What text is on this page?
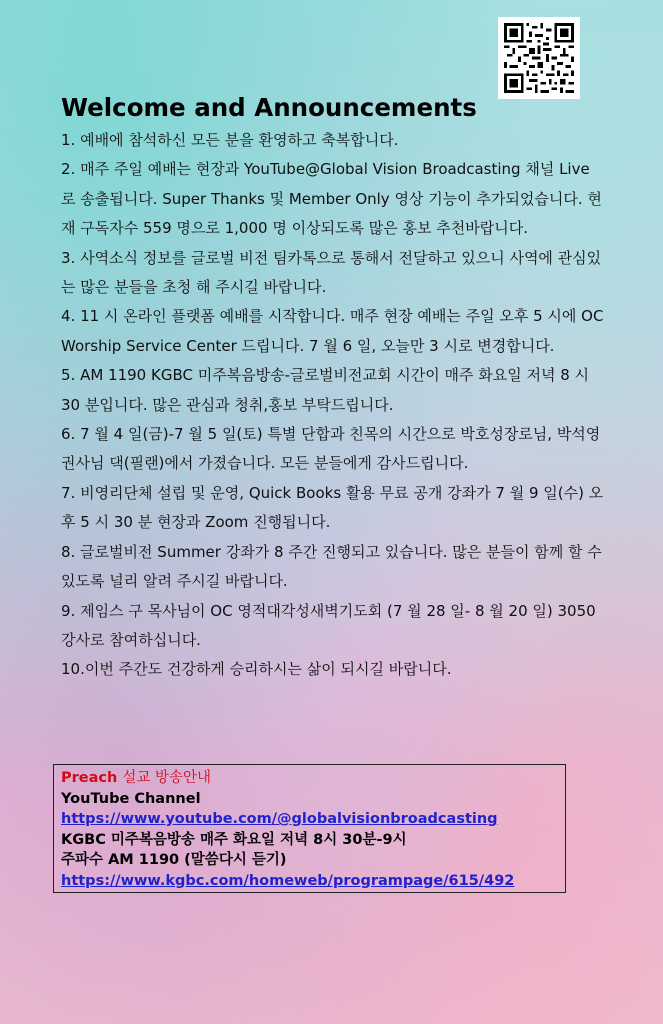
Welcome and Announcements
1. 예배에 참석하신 모든 분을 환영하고 축복합니다.
2. 매주 주일 예배는 현장과 YouTube@Global Vision Broadcasting 채널 Live 로 송출됩니다. Super Thanks 및 Member Only 영상 기능이 추가되었습니다. 현재 구독자수 559 명으로 1,000 명 이상되도록 많은 홍보 추천바랍니다.
3. 사역소식 정보를 글로벌 비전 팀카톡으로 통해서 전달하고 있으니 사역에 관심있는 많은 분들을 초청 해 주시길 바랍니다.
4. 11 시 온라인 플랫폼 예배를 시작합니다. 매주 현장 예배는 주일 오후 5 시에 OC Worship Service Center 드립니다. 7 월 6 일, 오늘만 3 시로 변경합니다.
5. AM 1190 KGBC 미주복음방송-글로벌비전교회 시간이 매주 화요일 저녁 8 시 30 분입니다. 많은 관심과 청취,홍보 부탁드립니다.
6. 7 월 4 일(금)-7 월 5 일(토) 특별 단합과 친목의 시간으로 박호성장로님, 박석영권사님 댁(필랜)에서 가졌습니다. 모든 분들에게 감사드립니다.
7. 비영리단체 설립 및 운영, Quick Books 활용 무료 공개 강좌가 7 월 9 일(수) 오후 5 시 30 분 현장과 Zoom 진행됩니다.
8. 글로벌비전 Summer 강좌가 8 주간 진행되고 있습니다. 많은 분들이 함께 할 수 있도록 널리 알려 주시길 바랍니다.
9. 제임스 구 목사님이 OC 영적대각성새벽기도회 (7 월 28 일- 8 월 20 일) 3050 강사로 참여하십니다.
10.이번 주간도 건강하게 승리하시는 삶이 되시길 바랍니다.
Preach 설교 방송안내
YouTube Channel
https://www.youtube.com/@globalvisionbroadcasting
KGBC 미주복음방송 매주 화요일 저녁 8시 30분-9시
주파수 AM 1190 (말씀다시 듣기)
https://www.kgbc.com/homeweb/programpage/615/492
